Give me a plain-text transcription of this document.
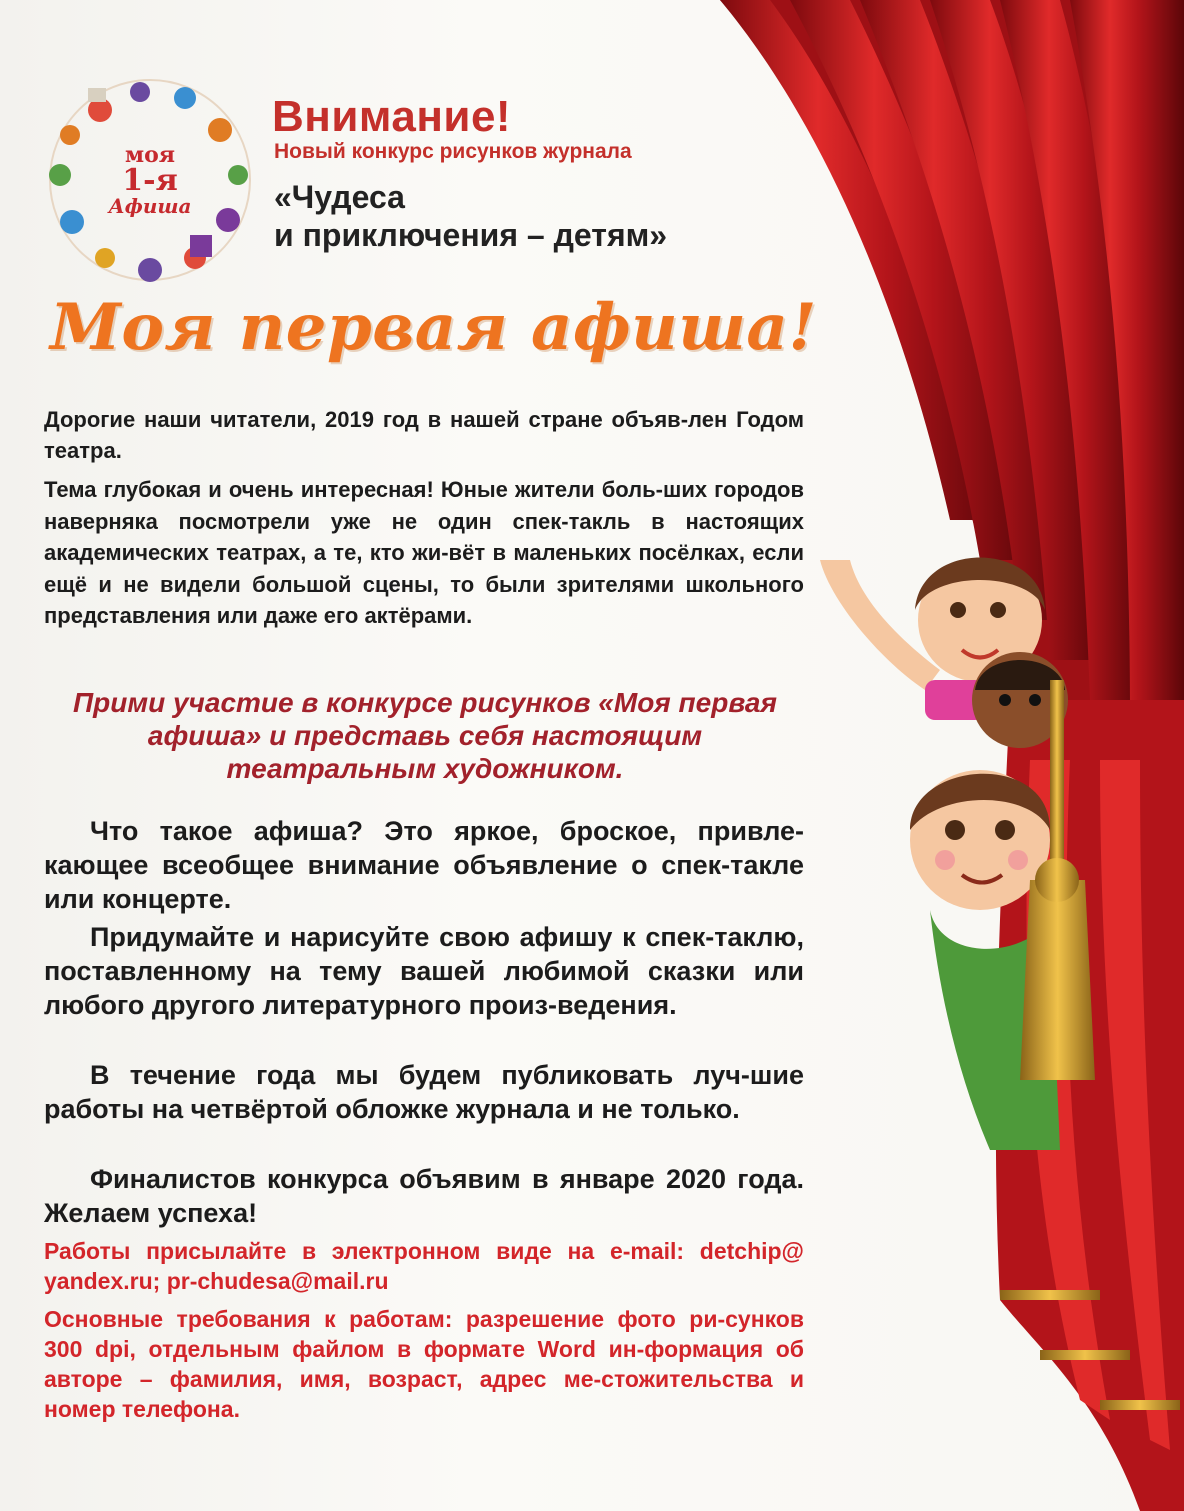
моя
1-я
Афиша
Внимание!
Новый конкурс рисунков журнала
«Чудеса
и приключения – детям»
Моя первая афиша!
Дорогие наши читатели, 2019 год в нашей стране объяв-лен Годом театра.
Тема глубокая и очень интересная! Юные жители боль-ших городов наверняка посмотрели уже не один спек-такль в настоящих академических театрах, а те, кто жи-вёт в маленьких посёлках, если ещё и не видели большой сцены, то были зрителями школьного представления или даже его актёрами.
Прими участие в конкурсе рисунков «Моя первая афиша» и представь себя настоящим театральным художником.
Что такое афиша? Это яркое, броское, привле-кающее всеобщее внимание объявление о спек-такле или концерте.
Придумайте и нарисуйте свою афишу к спек-таклю, поставленному на тему вашей любимой сказки или любого другого литературного произ-ведения.
В течение года мы будем публиковать луч-шие работы на четвёртой обложке журнала и не только.
Финалистов конкурса объявим в январе 2020 года. Желаем успеха!
Работы присылайте в электронном виде на e-mail: detchip@ yandex.ru; pr-chudesa@mail.ru
Основные требования к работам: разрешение фото ри-сунков 300 dpi, отдельным файлом в формате Word ин-формация об авторе – фамилия, имя, возраст, адрес ме-стожительства и номер телефона.
